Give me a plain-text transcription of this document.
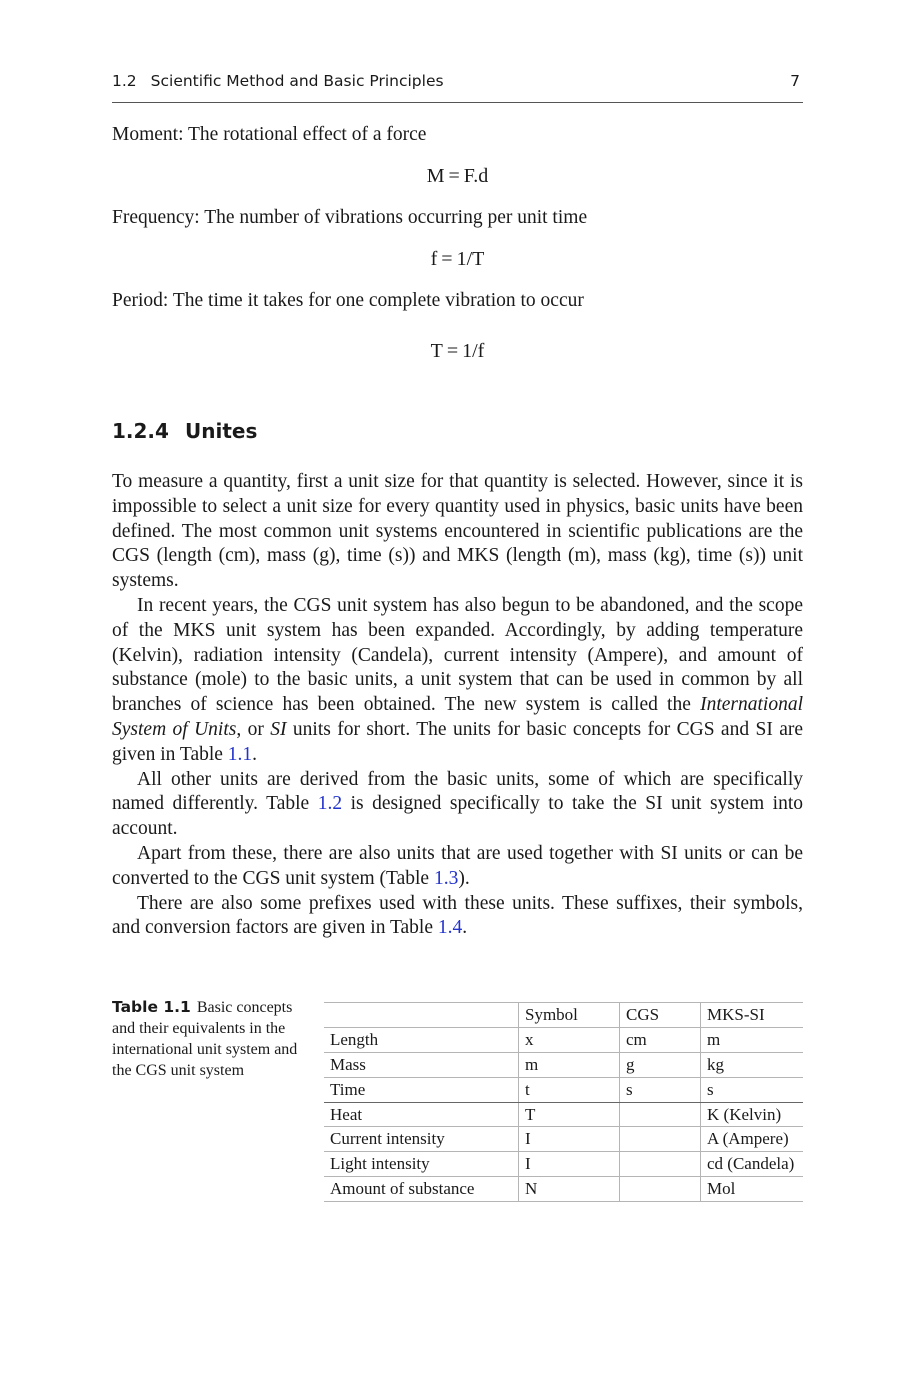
1.2 Scientific Method and Basic Principles	7
Moment: The rotational effect of a force
M = F.d
Frequency: The number of vibrations occurring per unit time
f = 1/T
Period: The time it takes for one complete vibration to occur
T = 1/f
1.2.4 Unites

To measure a quantity, first a unit size for that quantity is selected. However, since it is impossible to select a unit size for every quantity used in physics, basic units have been defined. The most common unit systems encountered in scientific publications are the CGS (length (cm), mass (g), time (s)) and MKS (length (m), mass (kg), time (s)) unit systems.

In recent years, the CGS unit system has also begun to be abandoned, and the scope of the MKS unit system has been expanded. Accordingly, by adding temperature (Kelvin), radiation intensity (Candela), current intensity (Ampere), and amount of substance (mole) to the basic units, a unit system that can be used in common by all branches of science has been obtained. The new system is called the International System of Units, or SI units for short. The units for basic concepts for CGS and SI are given in Table 1.1.

All other units are derived from the basic units, some of which are specifically named differently. Table 1.2 is designed specifically to take the SI unit system into account.

Apart from these, there are also units that are used together with SI units or can be converted to the CGS unit system (Table 1.3).

There are also some prefixes used with these units. These suffixes, their symbols, and conversion factors are given in Table 1.4.

Table 1.1 Basic concepts and their equivalents in the international unit system and the CGS unit system
	Symbol	CGS	MKS-SI
Length	x	cm	m
Mass	m	g	kg
Time	t	s	s
Heat	T		K (Kelvin)
Current intensity	I		A (Ampere)
Light intensity	I		cd (Candela)
Amount of substance	N		Mol
